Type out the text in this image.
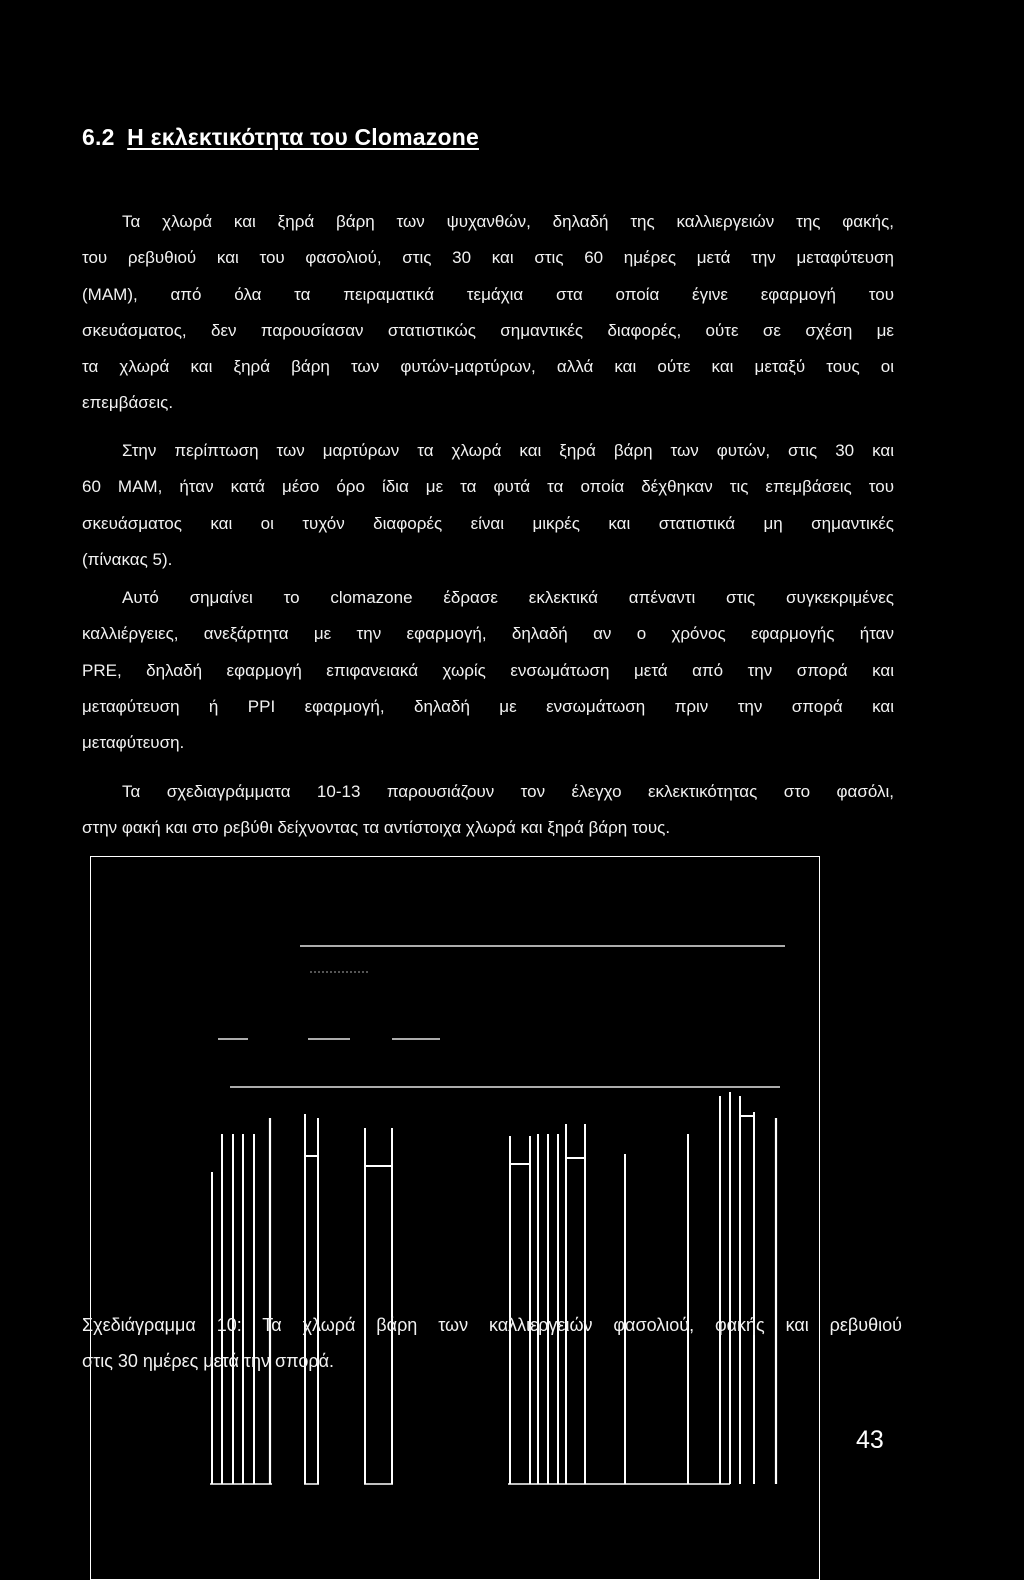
6.2 Η εκλεκτικότητα του Clomazone

Τα χλωρά και ξηρά βάρη των ψυχανθών, δηλαδή της καλλιεργειών της φακής,
του ρεβυθιού και του φασολιού, στις 30 και στις 60 ημέρες μετά την μεταφύτευση
(ΜΑΜ), από όλα τα πειραματικά τεμάχια στα οποία έγινε εφαρμογή του
σκευάσματος, δεν παρουσίασαν στατιστικώς σημαντικές διαφορές, ούτε σε σχέση με
τα χλωρά και ξηρά βάρη των φυτών-μαρτύρων, αλλά και ούτε και μεταξύ τους οι
επεμβάσεις.

Στην περίπτωση των μαρτύρων τα χλωρά και ξηρά βάρη των φυτών, στις 30 και
60 ΜΑΜ, ήταν κατά μέσο όρο ίδια με τα φυτά τα οποία δέχθηκαν τις επεμβάσεις του
σκευάσματος και οι τυχόν διαφορές είναι μικρές και στατιστικά μη σημαντικές
(πίνακας 5).

Αυτό σημαίνει το clomazone έδρασε εκλεκτικά απέναντι στις συγκεκριμένες
καλλιέργειες, ανεξάρτητα με την εφαρμογή, δηλαδή αν ο χρόνος εφαρμογής ήταν
PRE, δηλαδή εφαρμογή επιφανειακά χωρίς ενσωμάτωση μετά από την σπορά και
μεταφύτευση ή PPI εφαρμογή, δηλαδή με ενσωμάτωση πριν την σπορά και
μεταφύτευση.

Τα σχεδιαγράμματα 10-13 παρουσιάζουν τον έλεγχο εκλεκτικότητας στο φασόλι,
στην φακή και στο ρεβύθι δείχνοντας τα αντίστοιχα χλωρά και ξηρά βάρη τους.

Σχεδιάγραμμα 10: Τα χλωρά βάρη των καλλιεργειών φασολιού, φακής και ρεβυθιού
στις 30 ημέρες μετά την σπορά.
43
